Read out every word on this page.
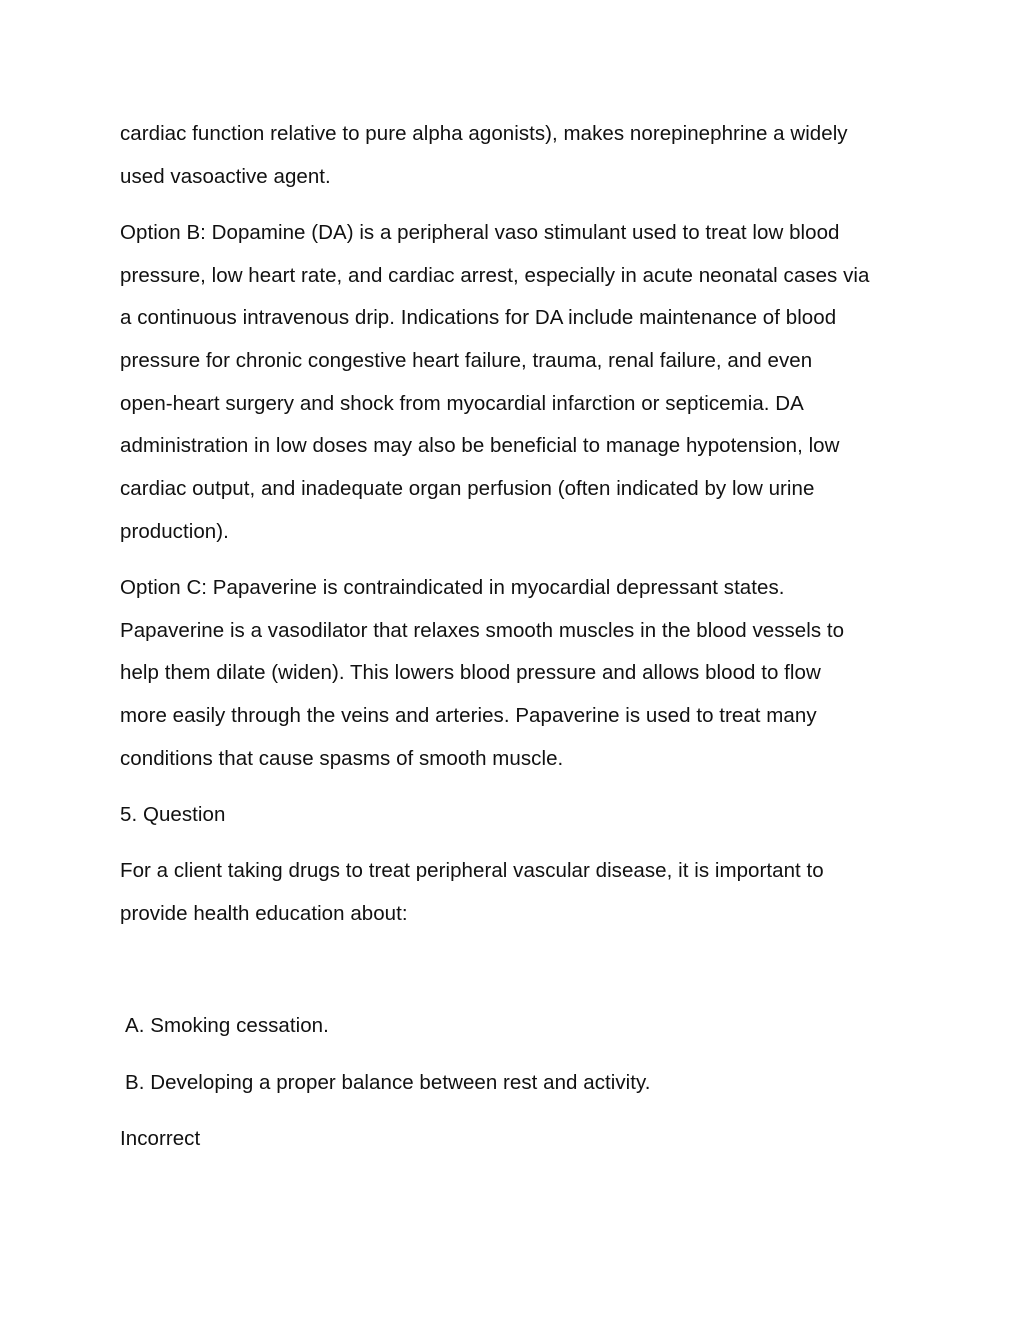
cardiac function relative to pure alpha agonists), makes norepinephrine a widely
used vasoactive agent.

Option B: Dopamine (DA) is a peripheral vaso stimulant used to treat low blood
pressure, low heart rate, and cardiac arrest, especially in acute neonatal cases via
a continuous intravenous drip. Indications for DA include maintenance of blood
pressure for chronic congestive heart failure, trauma, renal failure, and even
open-heart surgery and shock from myocardial infarction or septicemia. DA
administration in low doses may also be beneficial to manage hypotension, low
cardiac output, and inadequate organ perfusion (often indicated by low urine
production).

Option C: Papaverine is contraindicated in myocardial depressant states.
Papaverine is a vasodilator that relaxes smooth muscles in the blood vessels to
help them dilate (widen). This lowers blood pressure and allows blood to flow
more easily through the veins and arteries. Papaverine is used to treat many
conditions that cause spasms of smooth muscle.

5. Question

For a client taking drugs to treat peripheral vascular disease, it is important to
provide health education about:

A. Smoking cessation.

B. Developing a proper balance between rest and activity.

Incorrect
